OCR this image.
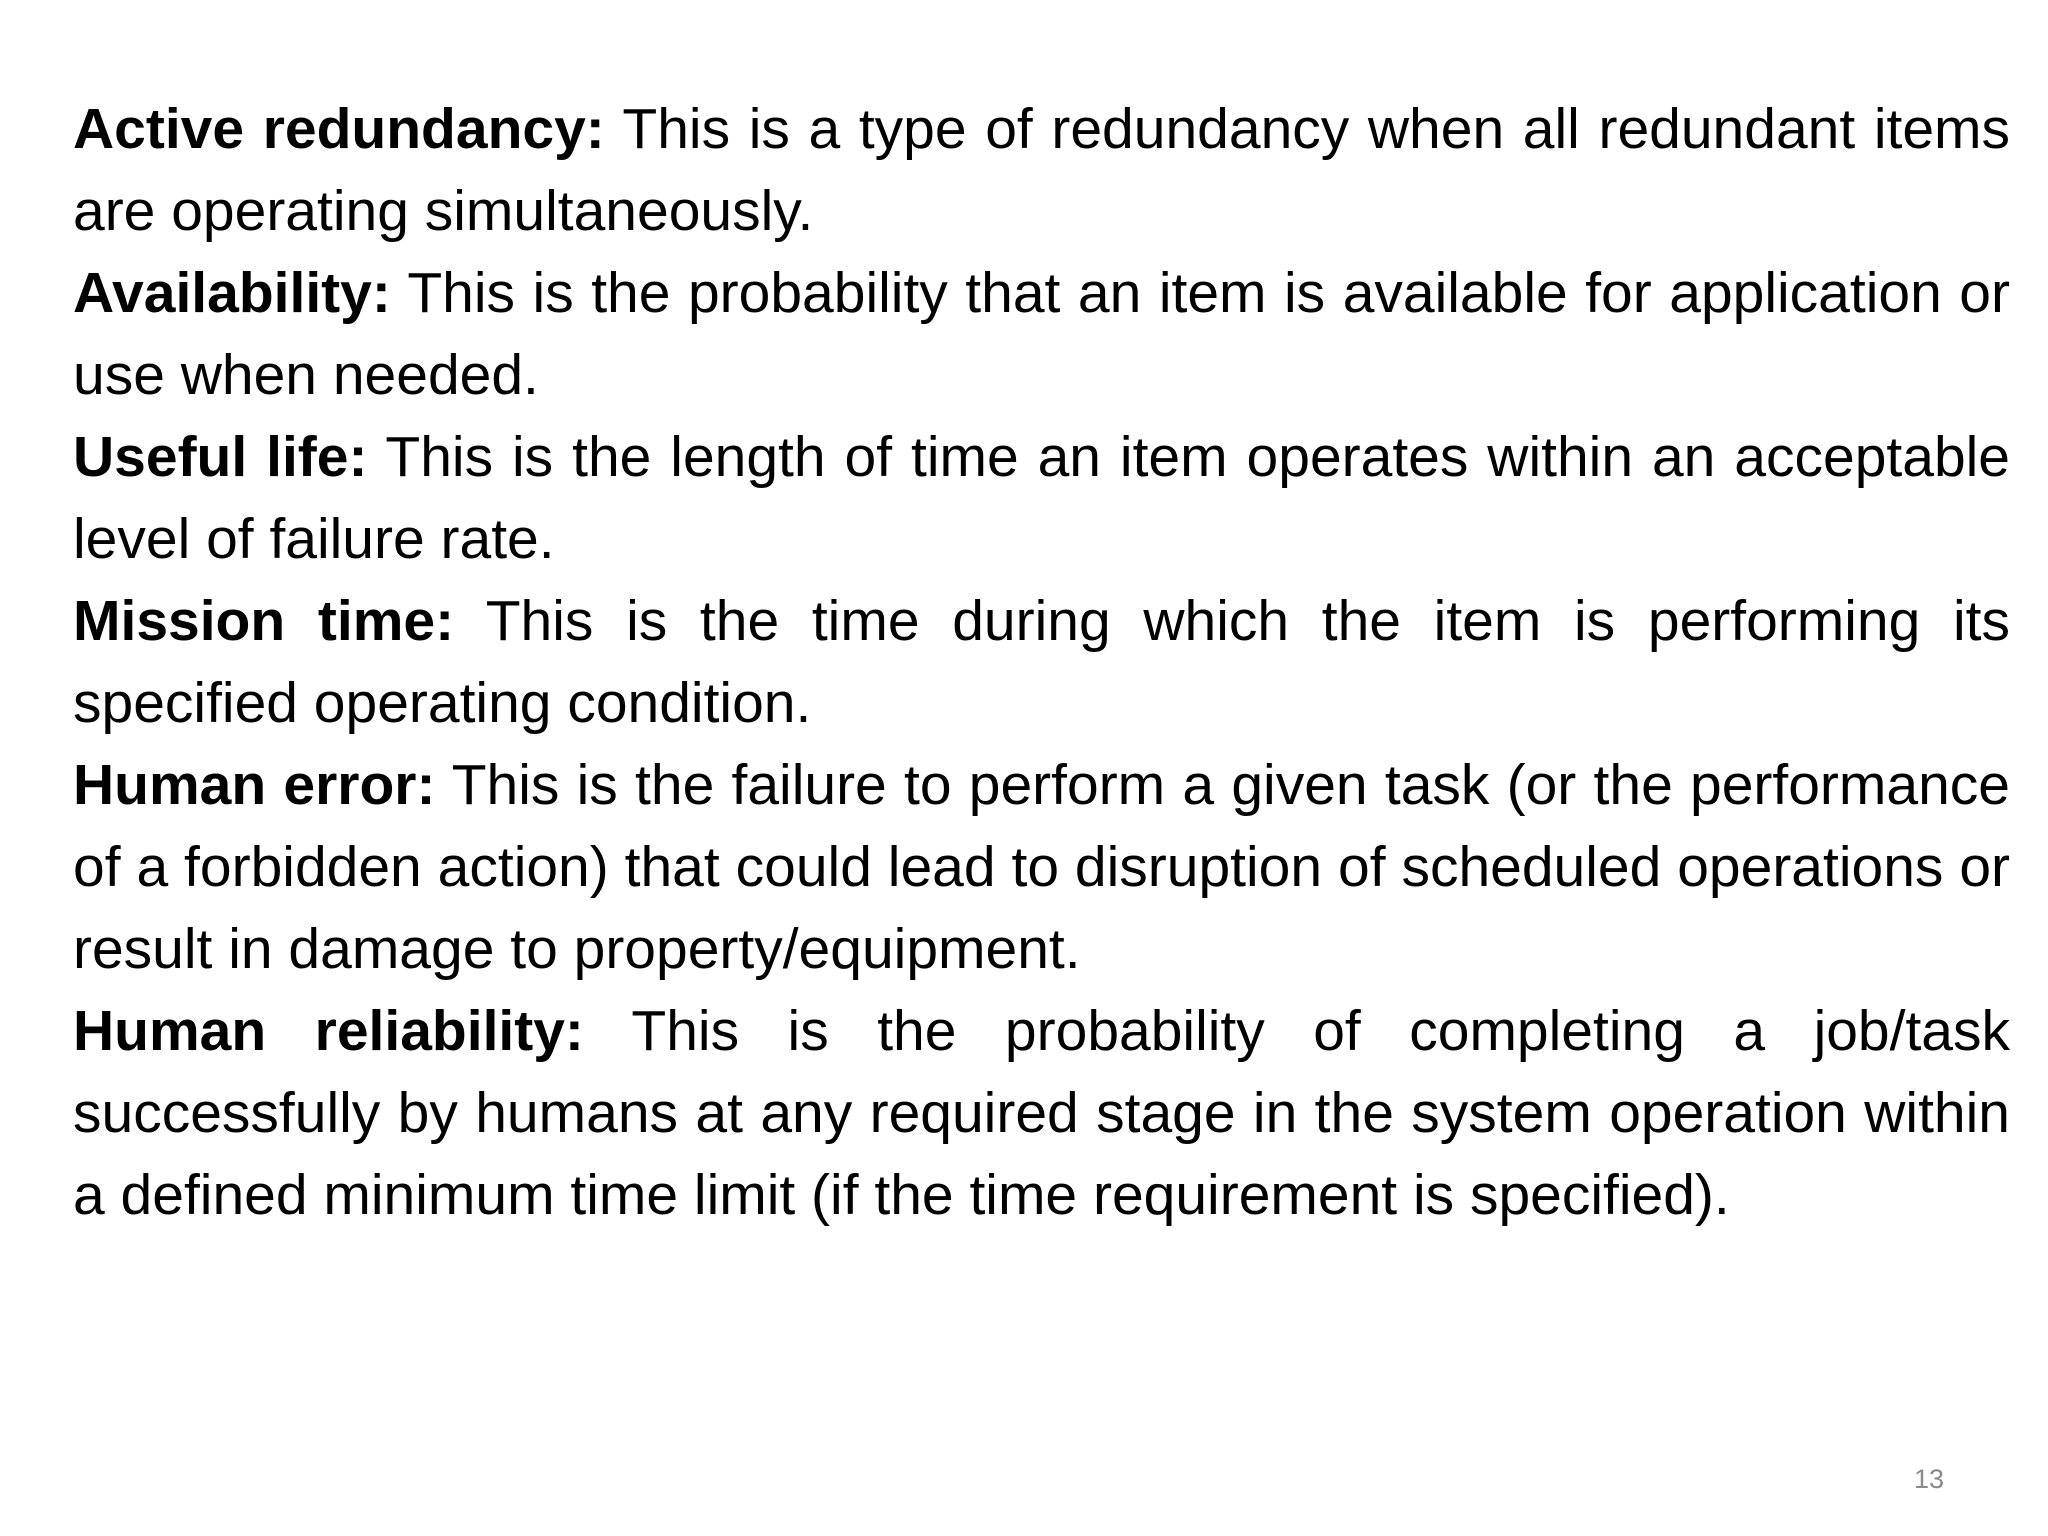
Active redundancy: This is a type of redundancy when all redundant items are operating simultaneously.

Availability: This is the probability that an item is available for application or use when needed.

Useful life: This is the length of time an item operates within an acceptable level of failure rate.

Mission time: This is the time during which the item is performing its specified operating condition.

Human error: This is the failure to perform a given task (or the performance of a forbidden action) that could lead to disruption of scheduled operations or result in damage to property/equipment.

Human reliability: This is the probability of completing a job/task successfully by humans at any required stage in the system operation within a defined minimum time limit (if the time requirement is specified).

13
